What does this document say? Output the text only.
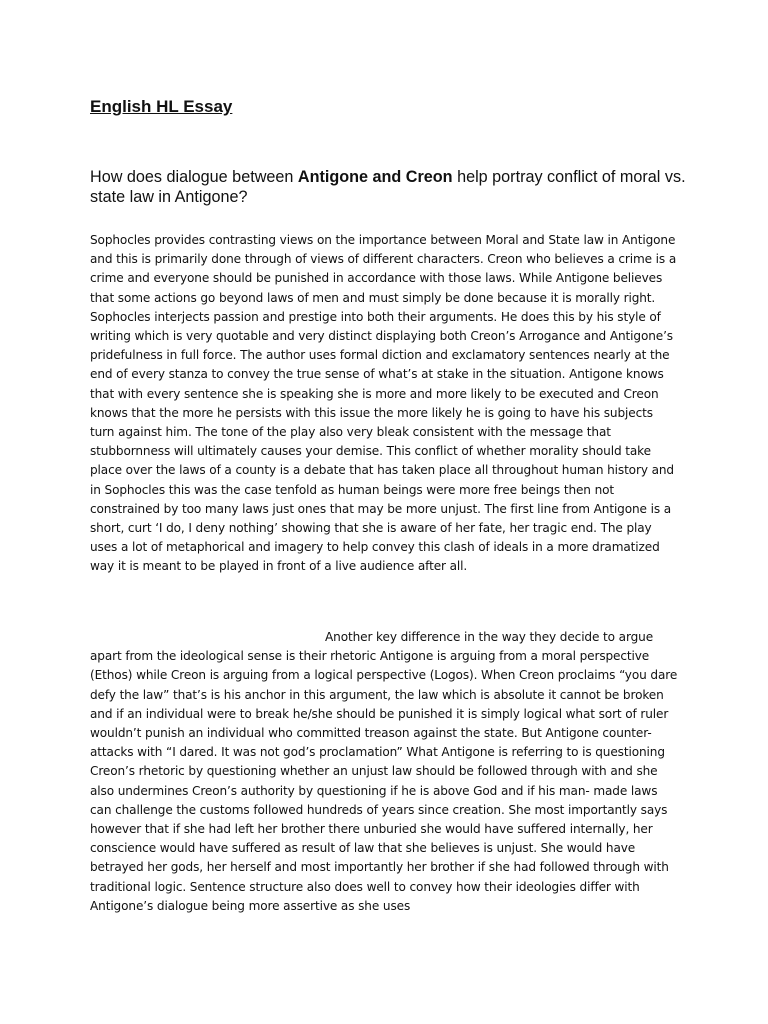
English HL Essay

How does dialogue between Antigone and Creon help portray conflict of moral vs. state law in Antigone?

Sophocles provides contrasting views on the importance between Moral and State law in Antigone and this is primarily done through of views of different characters. Creon who believes a crime is a crime and everyone should be punished in accordance with those laws. While Antigone believes that some actions go beyond laws of men and must simply be done because it is morally right. Sophocles interjects passion and prestige into both their arguments. He does this by his style of writing which is very quotable and very distinct displaying both Creon’s Arrogance and Antigone’s pridefulness in full force. The author uses formal diction and exclamatory sentences nearly at the end of every stanza to convey the true sense of what’s at stake in the situation. Antigone knows that with every sentence she is speaking she is more and more likely to be executed and Creon knows that the more he persists with this issue the more likely he is going to have his subjects turn against him. The tone of the play also very bleak consistent with the message that stubbornness will ultimately causes your demise. This conflict of whether morality should take place over the laws of a county is a debate that has taken place all throughout human history and in Sophocles this was the case tenfold as human beings were more free beings then not constrained by too many laws just ones that may be more unjust. The first line from Antigone is a short, curt ‘I do, I deny nothing’ showing that she is aware of her fate, her tragic end. The play uses a lot of metaphorical and imagery to help convey this clash of ideals in a more dramatized way it is meant to be played in front of a live audience after all.

Another key difference in the way they decide to argue apart from the ideological sense is their rhetoric Antigone is arguing from a moral perspective (Ethos) while Creon is arguing from a logical perspective (Logos). When Creon proclaims “you dare defy the law” that’s is his anchor in this argument, the law which is absolute it cannot be broken and if an individual were to break he/she should be punished it is simply logical what sort of ruler wouldn’t punish an individual who committed treason against the state. But Antigone counter-attacks with “I dared. It was not god’s proclamation” What Antigone is referring to is questioning Creon’s rhetoric by questioning whether an unjust law should be followed through with and she also undermines Creon’s authority by questioning if he is above God and if his man- made laws can challenge the customs followed hundreds of years since creation. She most importantly says however that if she had left her brother there unburied she would have suffered internally, her conscience would have suffered as result of law that she believes is unjust. She would have betrayed her gods, her herself and most importantly her brother if she had followed through with traditional logic. Sentence structure also does well to convey how their ideologies differ with Antigone’s dialogue being more assertive as she uses
